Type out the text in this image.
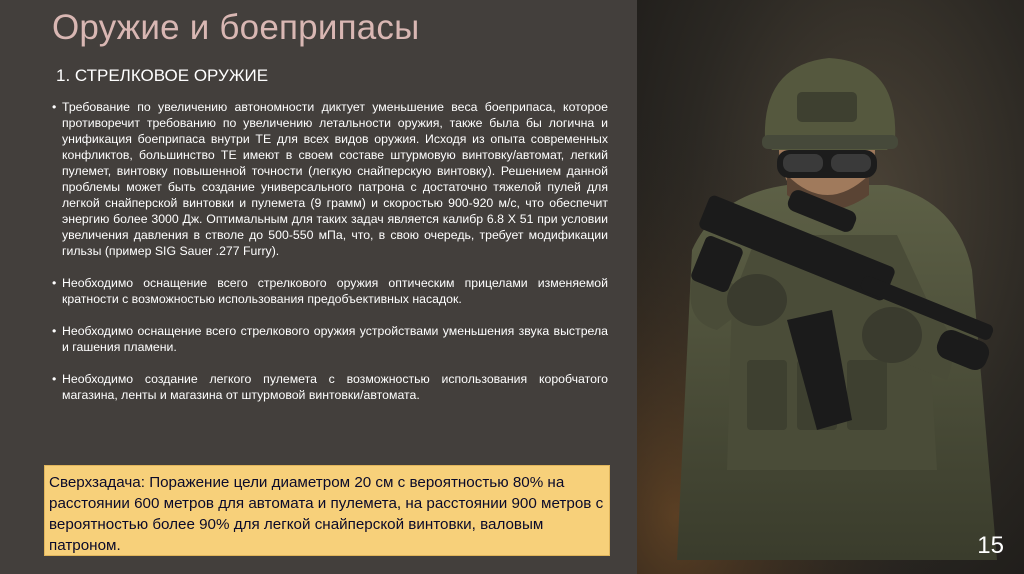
Оружие и боеприпасы
1. СТРЕЛКОВОЕ ОРУЖИЕ
• Требование по увеличению автономности диктует уменьшение веса боеприпаса, которое противоречит требованию по увеличению летальности оружия, также была бы логична и унификация боеприпаса внутри ТЕ для всех видов оружия. Исходя из опыта современных конфликтов, большинство ТЕ имеют в своем составе штурмовую винтовку/автомат, легкий пулемет, винтовку повышенной точности (легкую снайперскую винтовку). Решением данной проблемы может быть создание универсального патрона с достаточно тяжелой пулей для легкой снайперской винтовки и пулемета (9 грамм) и скоростью 900-920 м/с, что обеспечит энергию более 3000 Дж. Оптимальным для таких задач является калибр 6.8 Х 51 при условии увеличения давления в стволе до 500-550 мПа, что, в свою очередь, требует модификации гильзы (пример SIG Sauer .277 Furry).
• Необходимо оснащение всего стрелкового оружия оптическим прицелами изменяемой кратности с возможностью использования предобъективных насадок.
• Необходимо оснащение всего стрелкового оружия устройствами уменьшения звука выстрела и гашения пламени.
• Необходимо создание легкого пулемета с возможностью использования коробчатого магазина, ленты и магазина от штурмовой винтовки/автомата.
Сверхзадача: Поражение цели диаметром 20 см с вероятностью 80% на расстоянии 600 метров для автомата и пулемета, на расстоянии 900 метров с вероятностью более 90% для легкой снайперской винтовки, валовым патроном.	15
